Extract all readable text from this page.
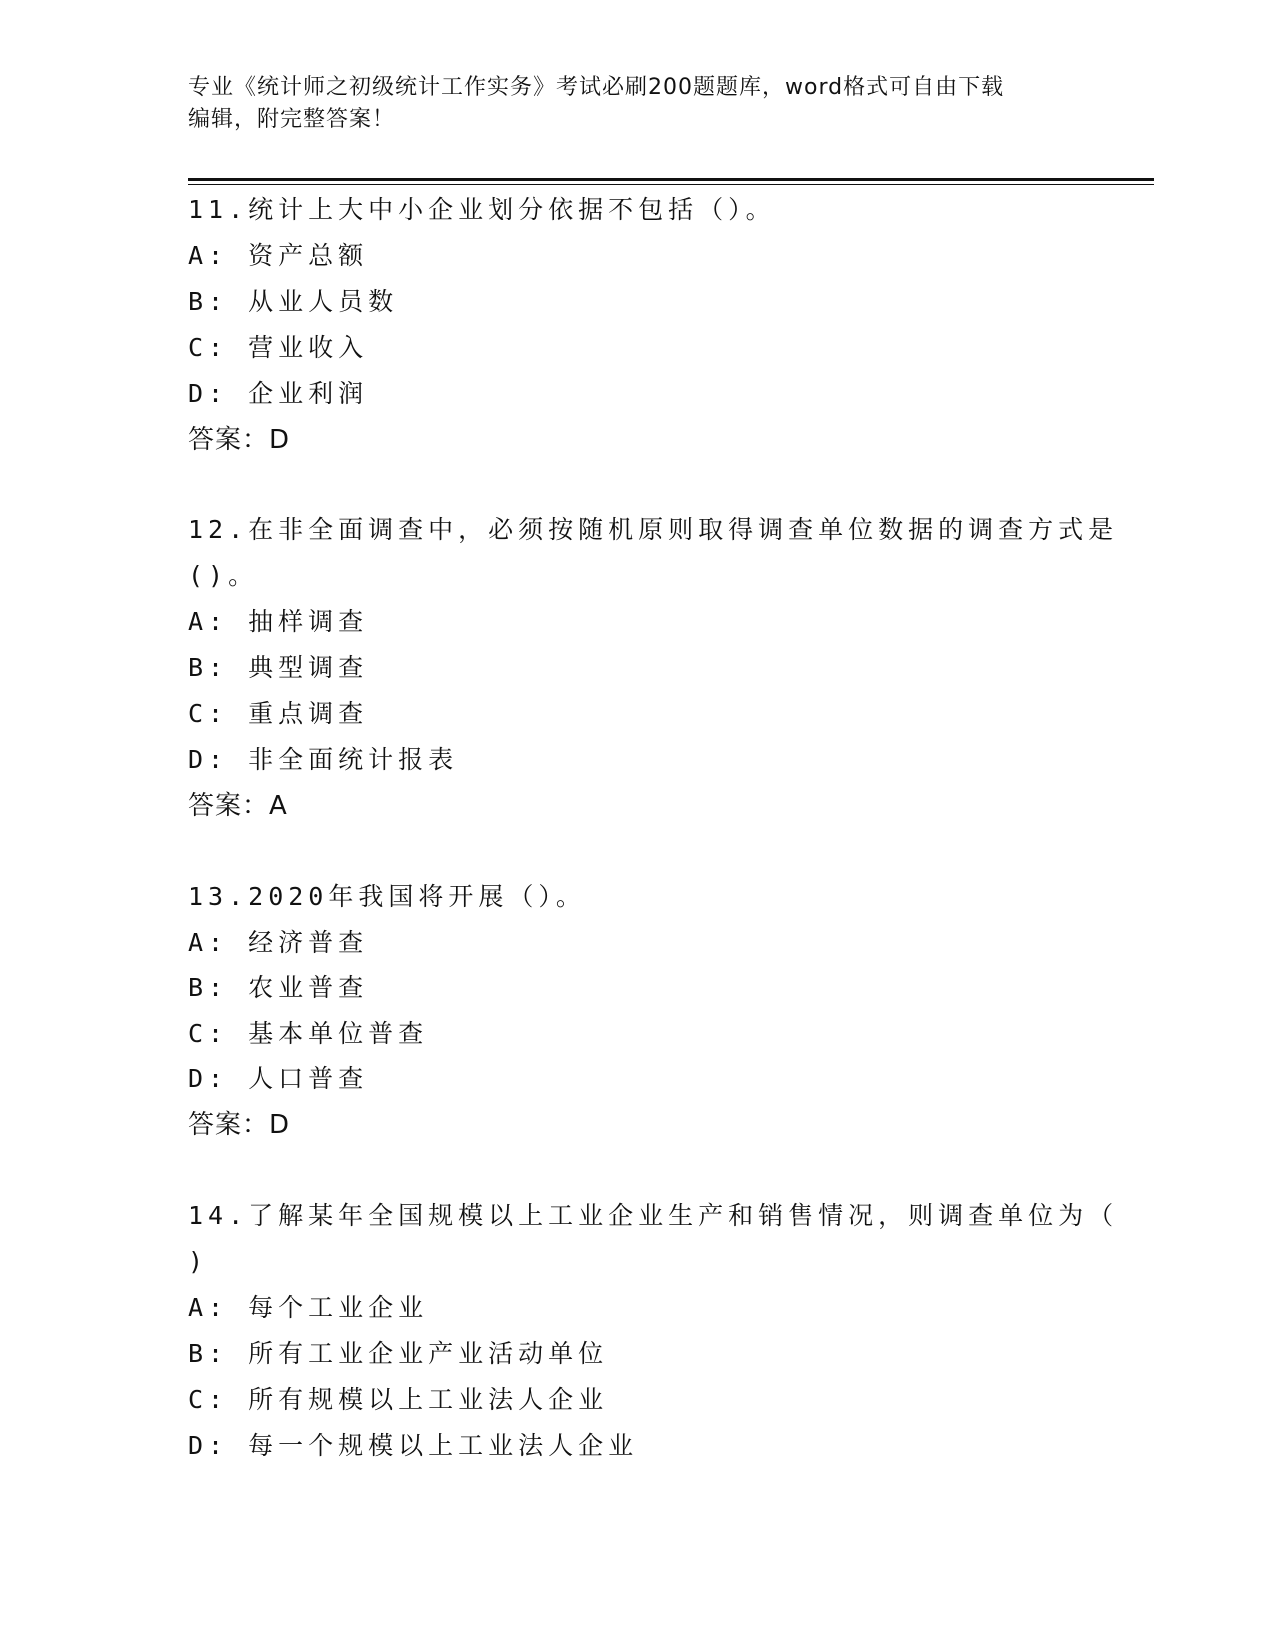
专业《统计师之初级统计工作实务》考试必刷200题题库，word格式可自由下载
编辑，附完整答案！
11.统计上大中小企业划分依据不包括（）。
A: 资产总额
B: 从业人员数
C: 营业收入
D: 企业利润
答案：D
12.在非全面调查中，必须按随机原则取得调查单位数据的调查方式是
()。
A: 抽样调查
B: 典型调查
C: 重点调查
D: 非全面统计报表
答案：A
13.2020年我国将开展（）。
A: 经济普查
B: 农业普查
C: 基本单位普查
D: 人口普查
答案：D
14.了解某年全国规模以上工业企业生产和销售情况，则调查单位为（
)
A: 每个工业企业
B: 所有工业企业产业活动单位
C: 所有规模以上工业法人企业
D: 每一个规模以上工业法人企业
